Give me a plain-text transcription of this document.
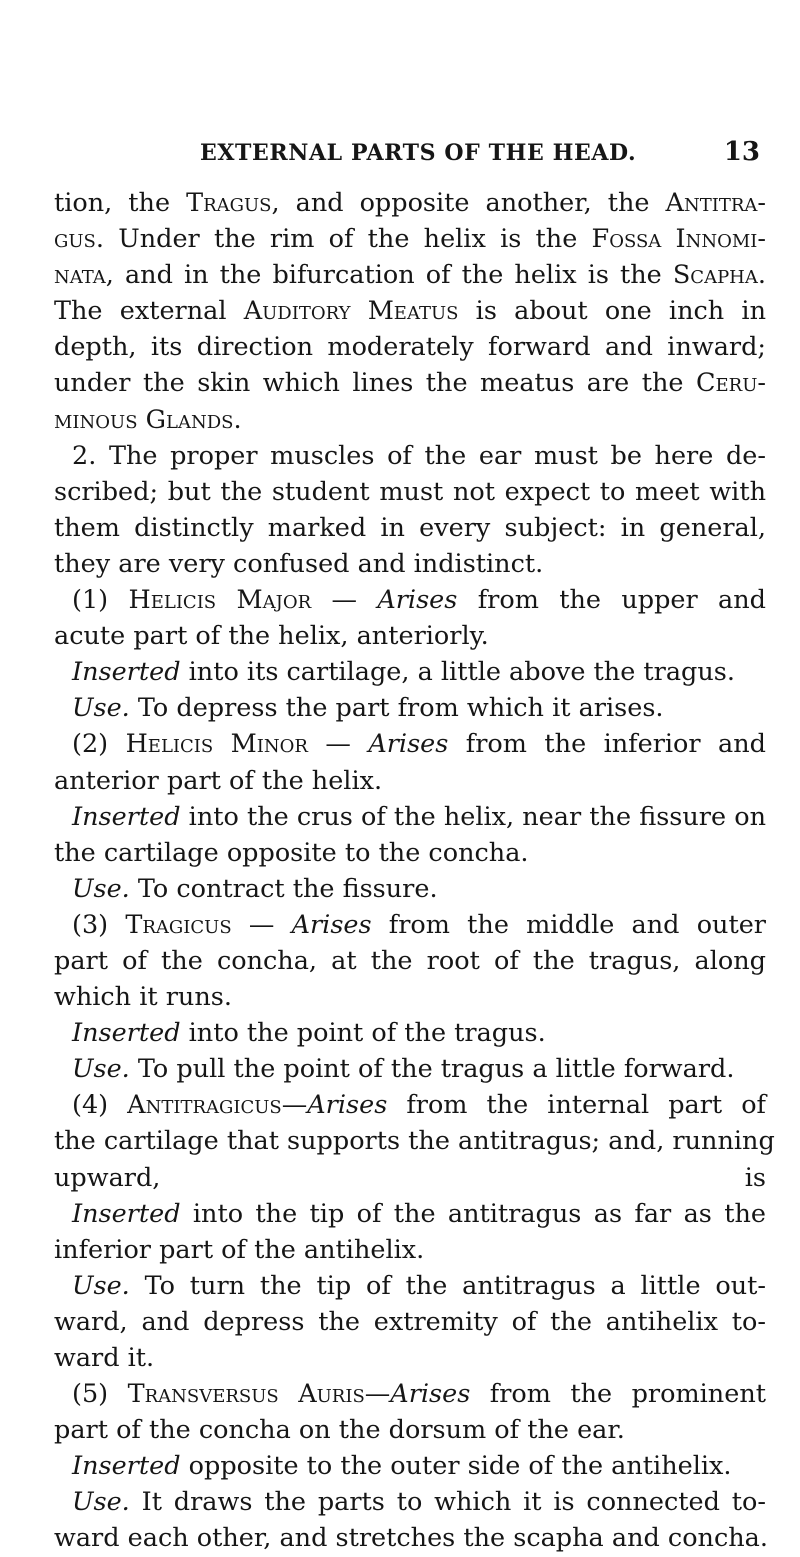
EXTERNAL PARTS OF THE HEAD.	13
tion, the Tragus, and opposite another, the Antitra-
gus. Under the rim of the helix is the Fossa Innomi-
nata, and in the bifurcation of the helix is the Scapha.
The external Auditory Meatus is about one inch in
depth, its direction moderately forward and inward;
under the skin which lines the meatus are the Ceru-
minous Glands.
2. The proper muscles of the ear must be here de-
scribed; but the student must not expect to meet with
them distinctly marked in every subject: in general,
they are very confused and indistinct.
(1) Helicis Major — Arises from the upper and
acute part of the helix, anteriorly.
Inserted into its cartilage, a little above the tragus.
Use. To depress the part from which it arises.
(2) Helicis Minor — Arises from the inferior and
anterior part of the helix.
Inserted into the crus of the helix, near the fissure on
the cartilage opposite to the concha.
Use. To contract the fissure.
(3) Tragicus — Arises from the middle and outer
part of the concha, at the root of the tragus, along
which it runs.
Inserted into the point of the tragus.
Use. To pull the point of the tragus a little forward.
(4) Antitragicus—Arises from the internal part of
the cartilage that supports the antitragus; and, running
upward, is
Inserted into the tip of the antitragus as far as the
inferior part of the antihelix.
Use. To turn the tip of the antitragus a little out-
ward, and depress the extremity of the antihelix to-
ward it.
(5) Transversus Auris—Arises from the prominent
part of the concha on the dorsum of the ear.
Inserted opposite to the outer side of the antihelix.
Use. It draws the parts to which it is connected to-
ward each other, and stretches the scapha and concha.
